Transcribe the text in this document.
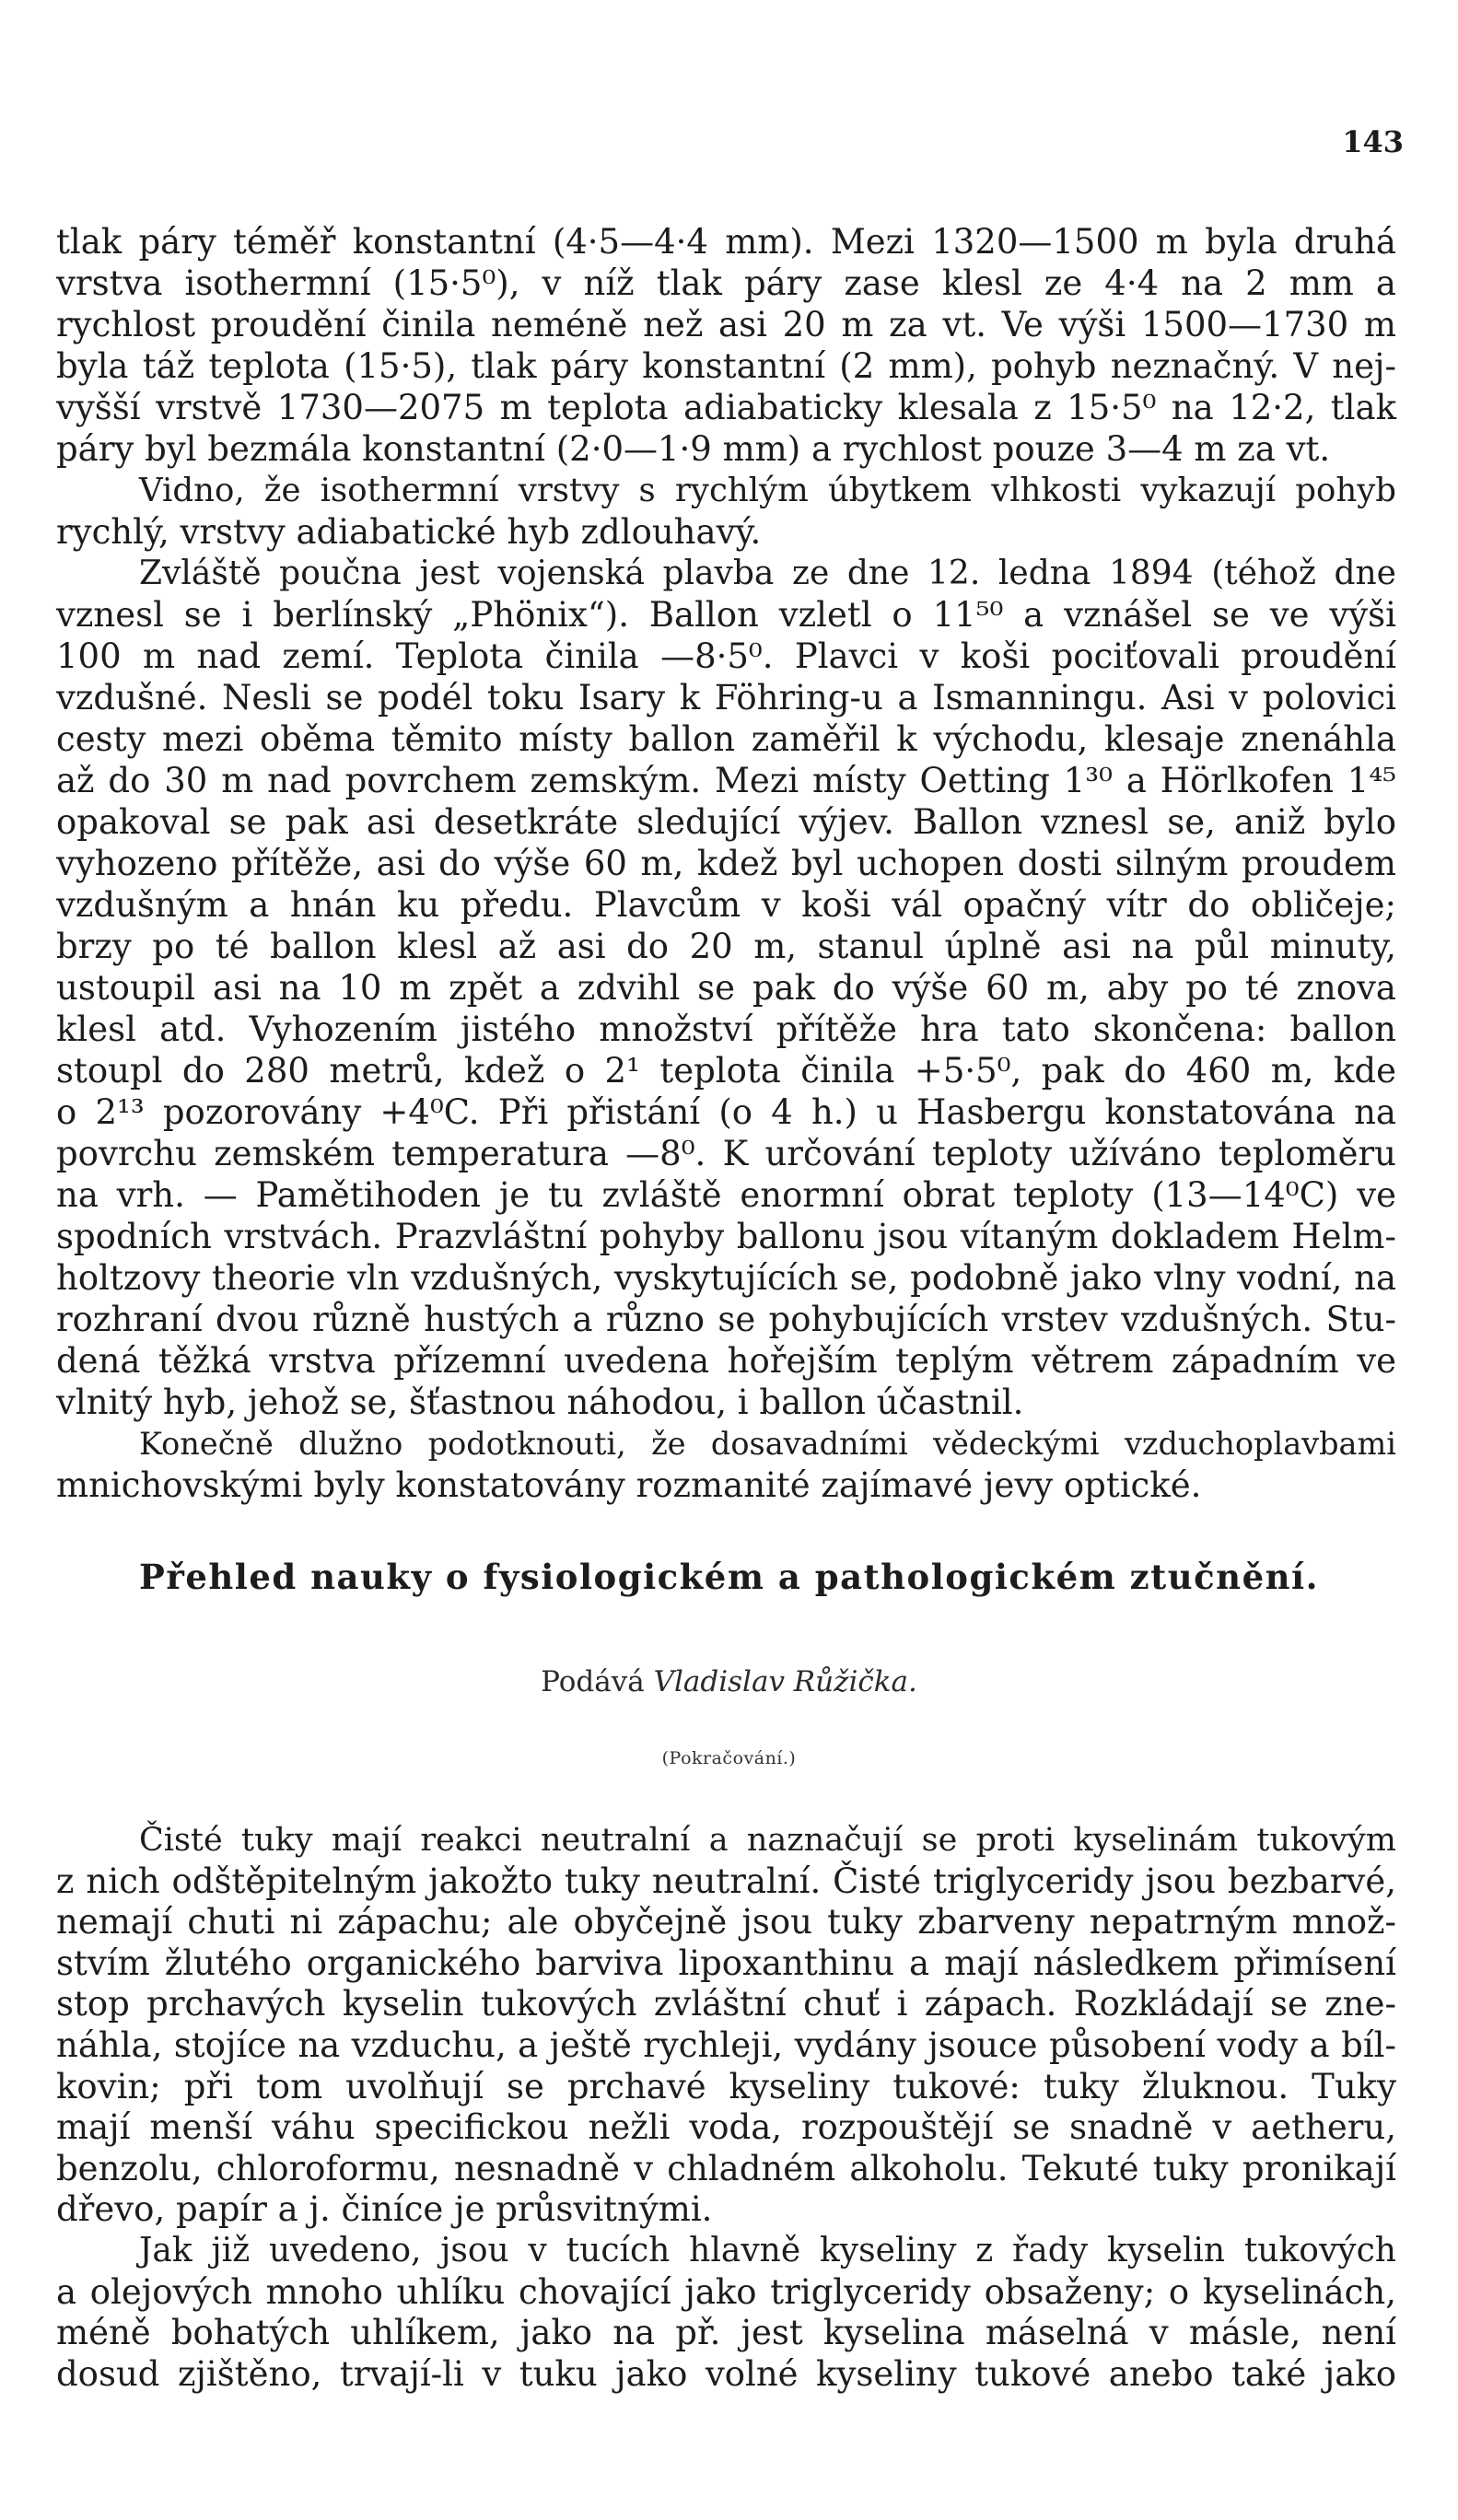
143
tlak páry téměř konstantní (4·5—4·4 mm). Mezi 1320—1500 m byla druhá
vrstva isothermní (15·5⁰), v níž tlak páry zase klesl ze 4·4 na 2 mm a
rychlost proudění činila neméně než asi 20 m za vt. Ve výši 1500—1730 m
byla táž teplota (15·5), tlak páry konstantní (2 mm), pohyb neznačný. V nej-
vyšší vrstvě 1730—2075 m teplota adiabaticky klesala z 15·5⁰ na 12·2, tlak
páry byl bezmála konstantní (2·0—1·9 mm) a rychlost pouze 3—4 m za vt.
Vidno, že isothermní vrstvy s rychlým úbytkem vlhkosti vykazují pohyb
rychlý, vrstvy adiabatické hyb zdlouhavý.
Zvláště poučna jest vojenská plavba ze dne 12. ledna 1894 (téhož dne
vznesl se i berlínský „Phönix“). Ballon vzletl o 11⁵⁰ a vznášel se ve výši
100 m nad zemí. Teplota činila —8·5⁰. Plavci v koši pociťovali proudění
vzdušné. Nesli se podél toku Isary k Föhring-u a Ismanningu. Asi v polovici
cesty mezi oběma těmito místy ballon zaměřil k východu, klesaje znenáhla
až do 30 m nad povrchem zemským. Mezi místy Oetting 1³⁰ a Hörlkofen 1⁴⁵
opakoval se pak asi desetkráte sledující výjev. Ballon vznesl se, aniž bylo
vyhozeno přítěže, asi do výše 60 m, kdež byl uchopen dosti silným proudem
vzdušným a hnán ku předu. Plavcům v koši vál opačný vítr do obličeje;
brzy po té ballon klesl až asi do 20 m, stanul úplně asi na půl minuty,
ustoupil asi na 10 m zpět a zdvihl se pak do výše 60 m, aby po té znova
klesl atd. Vyhozením jistého množství přítěže hra tato skončena: ballon
stoupl do 280 metrů, kdež o 2¹ teplota činila +5·5⁰, pak do 460 m, kde
o 2¹³ pozorovány +4⁰C. Při přistání (o 4 h.) u Hasbergu konstatována na
povrchu zemském temperatura —8⁰. K určování teploty užíváno teploměru
na vrh. — Pamětihoden je tu zvláště enormní obrat teploty (13—14⁰C) ve
spodních vrstvách. Prazvláštní pohyby ballonu jsou vítaným dokladem Helm-
holtzovy theorie vln vzdušných, vyskytujících se, podobně jako vlny vodní, na
rozhraní dvou různě hustých a různo se pohybujících vrstev vzdušných. Stu-
dená těžká vrstva přízemní uvedena hořejším teplým větrem západním ve
vlnitý hyb, jehož se, šťastnou náhodou, i ballon účastnil.
Konečně dlužno podotknouti, že dosavadními vědeckými vzduchoplavbami
mnichovskými byly konstatovány rozmanité zajímavé jevy optické.
Přehled nauky o fysiologickém a pathologickém ztučnění.
Podává Vladislav Růžička.
(Pokračování.)
Čisté tuky mají reakci neutralní a naznačují se proti kyselinám tukovým
z nich odštěpitelným jakožto tuky neutralní. Čisté triglyceridy jsou bezbarvé,
nemají chuti ni zápachu; ale obyčejně jsou tuky zbarveny nepatrným množ-
stvím žlutého organického barviva lipoxanthinu a mají následkem přimísení
stop prchavých kyselin tukových zvláštní chuť i zápach. Rozkládají se zne-
náhla, stojíce na vzduchu, a ještě rychleji, vydány jsouce působení vody a bíl-
kovin; při tom uvolňují se prchavé kyseliny tukové: tuky žluknou. Tuky
mají menší váhu specifickou nežli voda, rozpouštějí se snadně v aetheru,
benzolu, chloroformu, nesnadně v chladném alkoholu. Tekuté tuky pronikají
dřevo, papír a j. činíce je průsvitnými.
Jak již uvedeno, jsou v tucích hlavně kyseliny z řady kyselin tukových
a olejových mnoho uhlíku chovající jako triglyceridy obsaženy; o kyselinách,
méně bohatých uhlíkem, jako na př. jest kyselina máselná v másle, není
dosud zjištěno, trvají-li v tuku jako volné kyseliny tukové anebo také jako
